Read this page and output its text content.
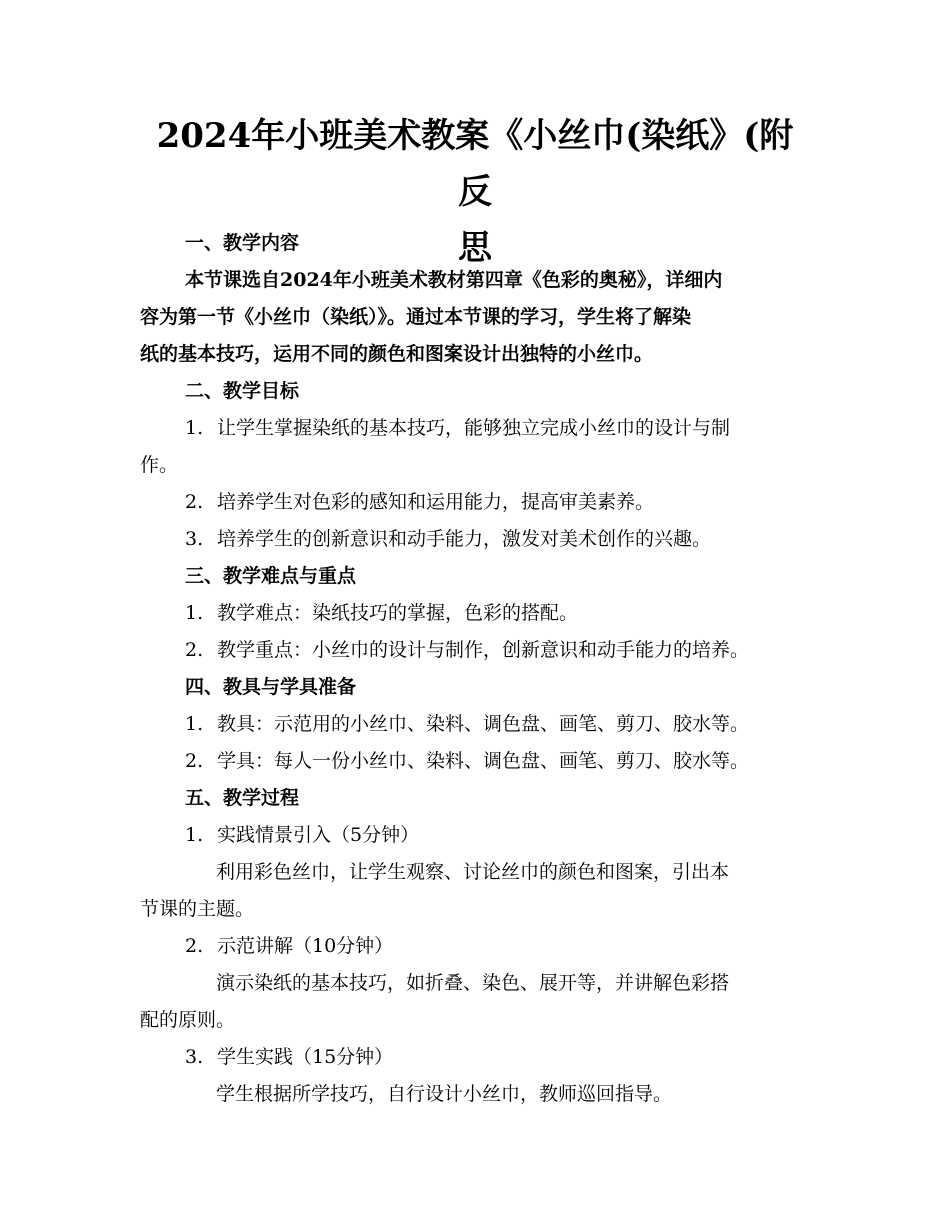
2024年小班美术教案《小丝巾(染纸》(附反
思

一、教学内容

本节课选自2024年小班美术教材第四章《色彩的奥秘》，详细内

容为第一节《小丝巾（染纸）》。通过本节课的学习，学生将了解染

纸的基本技巧，运用不同的颜色和图案设计出独特的小丝巾。

二、教学目标

1. 让学生掌握染纸的基本技巧，能够独立完成小丝巾的设计与制

作。

2. 培养学生对色彩的感知和运用能力，提高审美素养。

3. 培养学生的创新意识和动手能力，激发对美术创作的兴趣。

三、教学难点与重点

1. 教学难点：染纸技巧的掌握，色彩的搭配。

2. 教学重点：小丝巾的设计与制作，创新意识和动手能力的培养。

四、教具与学具准备

1. 教具：示范用的小丝巾、染料、调色盘、画笔、剪刀、胶水等。

2. 学具：每人一份小丝巾、染料、调色盘、画笔、剪刀、胶水等。

五、教学过程

1. 实践情景引入（5分钟）

利用彩色丝巾，让学生观察、讨论丝巾的颜色和图案，引出本

节课的主题。

2. 示范讲解（10分钟）

演示染纸的基本技巧，如折叠、染色、展开等，并讲解色彩搭

配的原则。

3. 学生实践（15分钟）

学生根据所学技巧，自行设计小丝巾，教师巡回指导。
